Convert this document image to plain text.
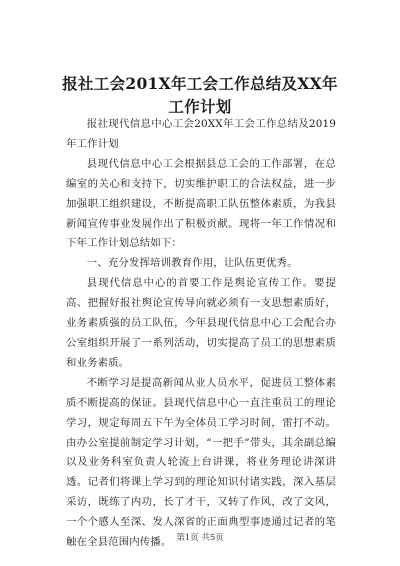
报社工会201X年工会工作总结及XX年工作计划

报社现代信息中心工会20XX年工会工作总结及2019年工作计划

县现代信息中心工会根据县总工会的工作部署，在总编室的关心和支持下，切实维护职工的合法权益，进一步加强职工组织建设，不断提高职工队伍整体素质，为我县新闻宣传事业发展作出了积极贡献。现将一年工作情况和下年工作计划总结如下：

一、充分发挥培训教育作用，让队伍更优秀。

县现代信息中心的首要工作是舆论宣传工作。要提高、把握好报社舆论宣传导向就必须有一支思想素质好，业务素质强的员工队伍，今年县现代信息中心工会配合办公室组织开展了一系列活动，切实提高了员工的思想素质和业务素质。

不断学习是提高新闻从业人员水平，促进员工整体素质不断提高的保证。县现代信息中心一直注重员工的理论学习，规定每周五下午为全体员工学习时间，雷打不动。由办公室提前制定学习计划，“一把手”带头，其余副总编以及业务科室负责人轮流上台讲课，将业务理论讲深讲透。记者们将课上学习到的理论知识付诸实践，深入基层采访，既练了内功，长了才干，又转了作风，改了文风，一个个感人至深、发人深省的正面典型事迹通过记者的笔触在全县范围内传播。 第1页 共5页
